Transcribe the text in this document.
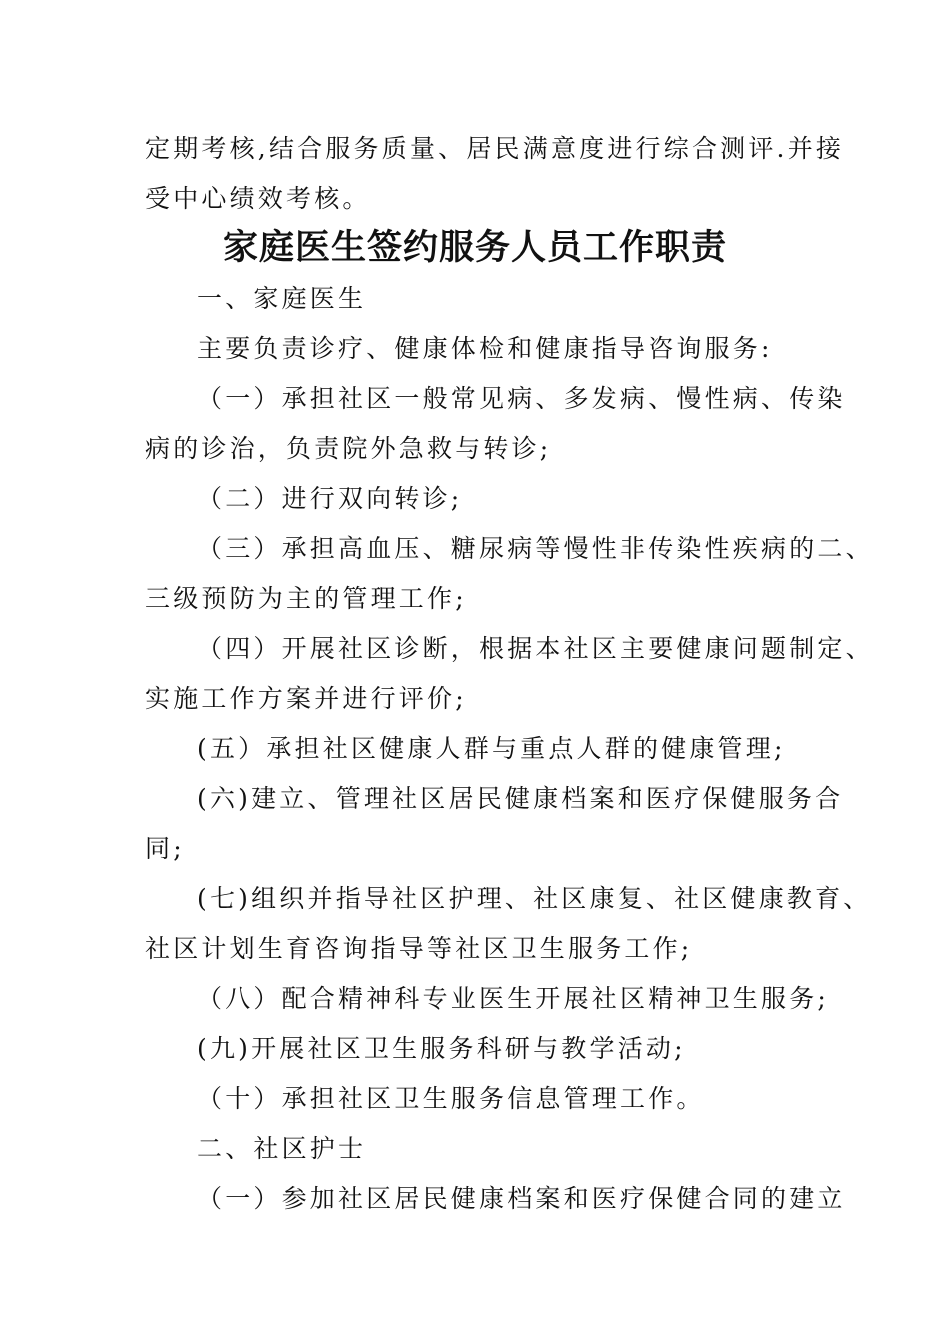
定期考核,结合服务质量、居民满意度进行综合测评.并接
受中心绩效考核。
家庭医生签约服务人员工作职责
一、家庭医生
主要负责诊疗、健康体检和健康指导咨询服务:
（一）承担社区一般常见病、多发病、慢性病、传染
病的诊治，负责院外急救与转诊;
（二）进行双向转诊;
（三）承担高血压、糖尿病等慢性非传染性疾病的二、
三级预防为主的管理工作;
（四）开展社区诊断，根据本社区主要健康问题制定、
实施工作方案并进行评价;
(五）承担社区健康人群与重点人群的健康管理;
(六)建立、管理社区居民健康档案和医疗保健服务合
同;
(七)组织并指导社区护理、社区康复、社区健康教育、
社区计划生育咨询指导等社区卫生服务工作;
（八）配合精神科专业医生开展社区精神卫生服务;
(九)开展社区卫生服务科研与教学活动;
（十）承担社区卫生服务信息管理工作。
二、社区护士
（一）参加社区居民健康档案和医疗保健合同的建立
